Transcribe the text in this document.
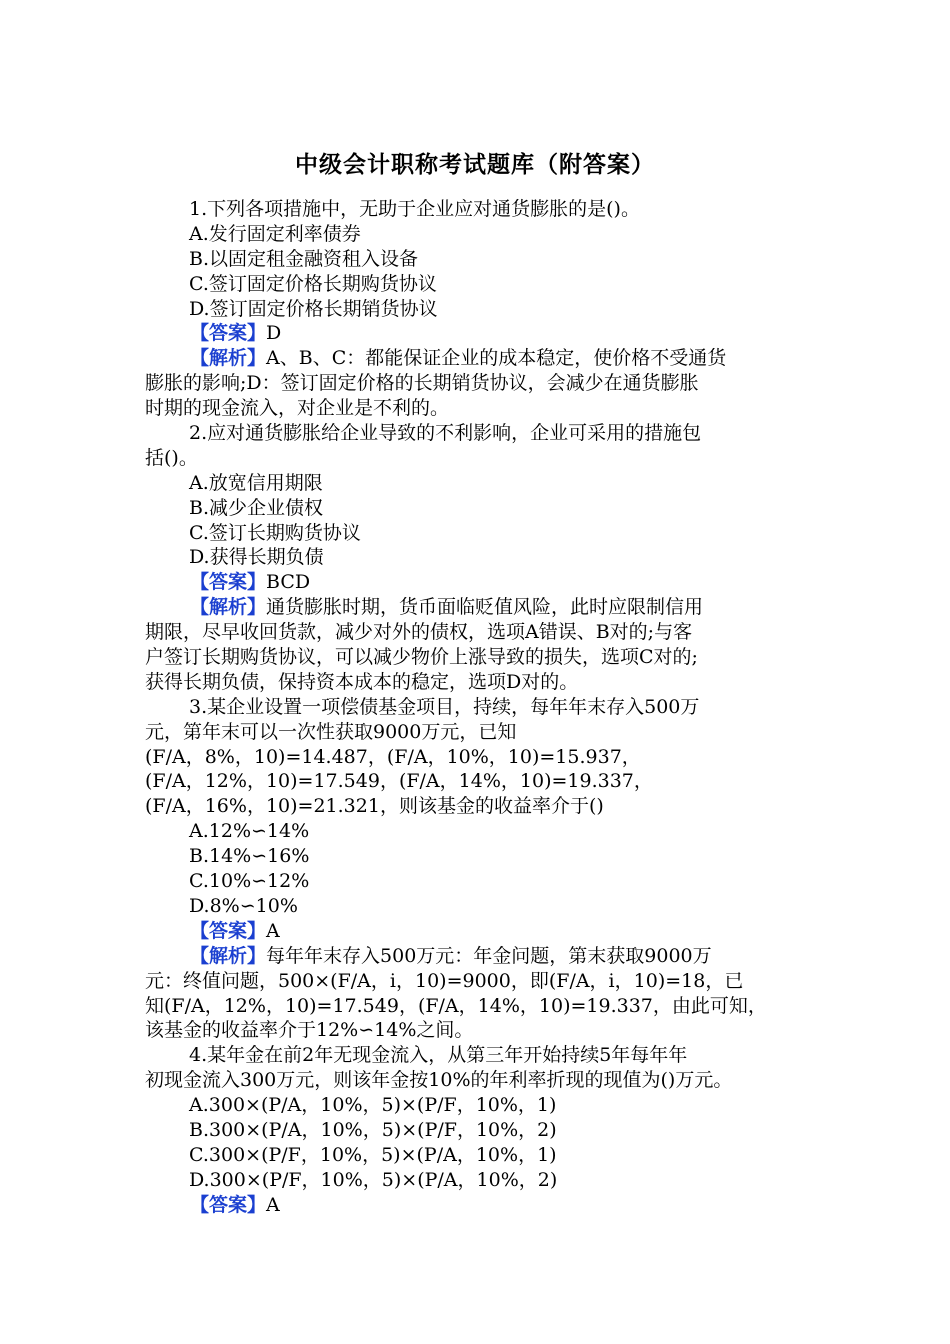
中级会计职称考试题库（附答案）
1.下列各项措施中，无助于企业应对通货膨胀的是()。
A.发行固定利率债券
B.以固定租金融资租入设备
C.签订固定价格长期购货协议
D.签订固定价格长期销货协议
【答案】D
【解析】A、B、C：都能保证企业的成本稳定，使价格不受通货
膨胀的影响;D：签订固定价格的长期销货协议，会减少在通货膨胀
时期的现金流入，对企业是不利的。
2.应对通货膨胀给企业导致的不利影响，企业可采用的措施包
括()。
A.放宽信用期限
B.减少企业债权
C.签订长期购货协议
D.获得长期负债
【答案】BCD
【解析】通货膨胀时期，货币面临贬值风险，此时应限制信用
期限，尽早收回货款，减少对外的债权，选项A错误、B对的;与客
户签订长期购货协议，可以减少物价上涨导致的损失，选项C对的;
获得长期负债，保持资本成本的稳定，选项D对的。
3.某企业设置一项偿债基金项目，持续，每年年末存入500万
元，第年末可以一次性获取9000万元，已知
(F/A，8%，10)=14.487，(F/A，10%，10)=15.937，
(F/A，12%，10)=17.549，(F/A，14%，10)=19.337，
(F/A，16%，10)=21.321，则该基金的收益率介于()
A.12%∽14%
B.14%∽16%
C.10%∽12%
D.8%∽10%
【答案】A
【解析】每年年末存入500万元：年金问题，第末获取9000万
元：终值问题，500×(F/A，i，10)=9000，即(F/A，i，10)=18，已
知(F/A，12%，10)=17.549，(F/A，14%，10)=19.337，由此可知，
该基金的收益率介于12%∽14%之间。
4.某年金在前2年无现金流入，从第三年开始持续5年每年年
初现金流入300万元，则该年金按10%的年利率折现的现值为()万元。
A.300×(P/A，10%，5)×(P/F，10%，1)
B.300×(P/A，10%，5)×(P/F，10%，2)
C.300×(P/F，10%，5)×(P/A，10%，1)
D.300×(P/F，10%，5)×(P/A，10%，2)
【答案】A
